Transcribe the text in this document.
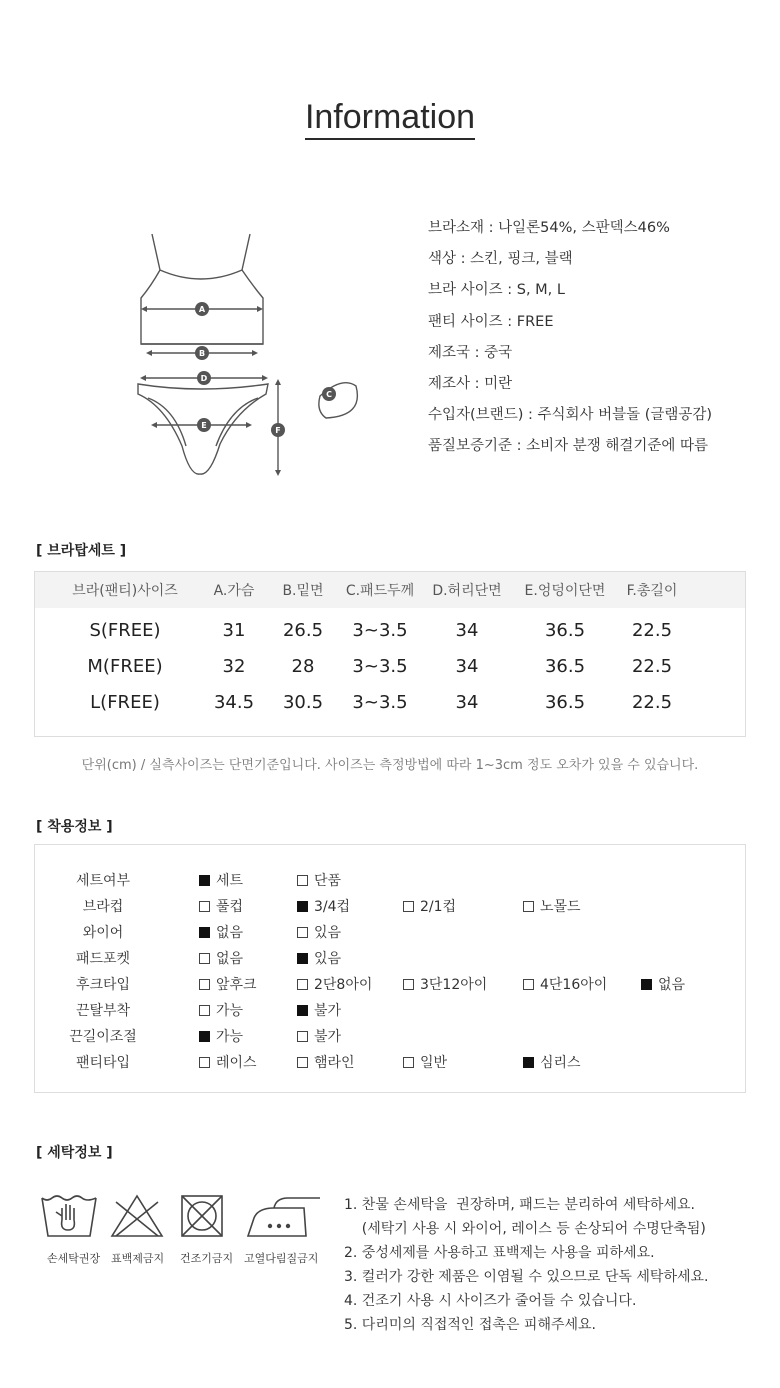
Information
A
B
D
E
F
C
브라소재 : 나일론54%, 스판덱스46%
색상 : 스킨, 핑크, 블랙
브라 사이즈 : S, M, L
팬티 사이즈 : FREE
제조국 : 중국
제조사 : 미란
수입자(브랜드) : 주식회사 버블돌 (글램공감)
품질보증기준 : 소비자 분쟁 해결기준에 따름
[ 브라탑세트 ]
브라(팬티)사이즈	A.가슴	B.밑면	C.패드두께	D.허리단면	E.엉덩이단면	F.총길이
S(FREE)	31	26.5	3~3.5	34	36.5	22.5
M(FREE)	32	28	3~3.5	34	36.5	22.5
L(FREE)	34.5	30.5	3~3.5	34	36.5	22.5
단위(cm) / 실측사이즈는 단면기준입니다. 사이즈는 측정방법에 따라 1~3cm 정도 오차가 있을 수 있습니다.
[ 착용정보 ]
세트여부	세트	단품
브라컵	풀컵	3/4컵	2/1컵	노몰드
와이어	없음	있음
패드포켓	없음	있음
후크타입	앞후크	2단8아이	3단12아이	4단16아이	없음
끈탈부착	가능	불가
끈길이조절	가능	불가
팬티타입	레이스	햄라인	일반	심리스
[ 세탁정보 ]
손세탁권장 표백제금지 건조기금지 고열다림질금지
1. 찬물 손세탁을  권장하며, 패드는 분리하여 세탁하세요.
(세탁기 사용 시 와이어, 레이스 등 손상되어 수명단축됨)
2. 중성세제를 사용하고 표백제는 사용을 피하세요.
3. 컬러가 강한 제품은 이염될 수 있으므로 단독 세탁하세요.
4. 건조기 사용 시 사이즈가 줄어들 수 있습니다.
5. 다리미의 직접적인 접촉은 피해주세요.
